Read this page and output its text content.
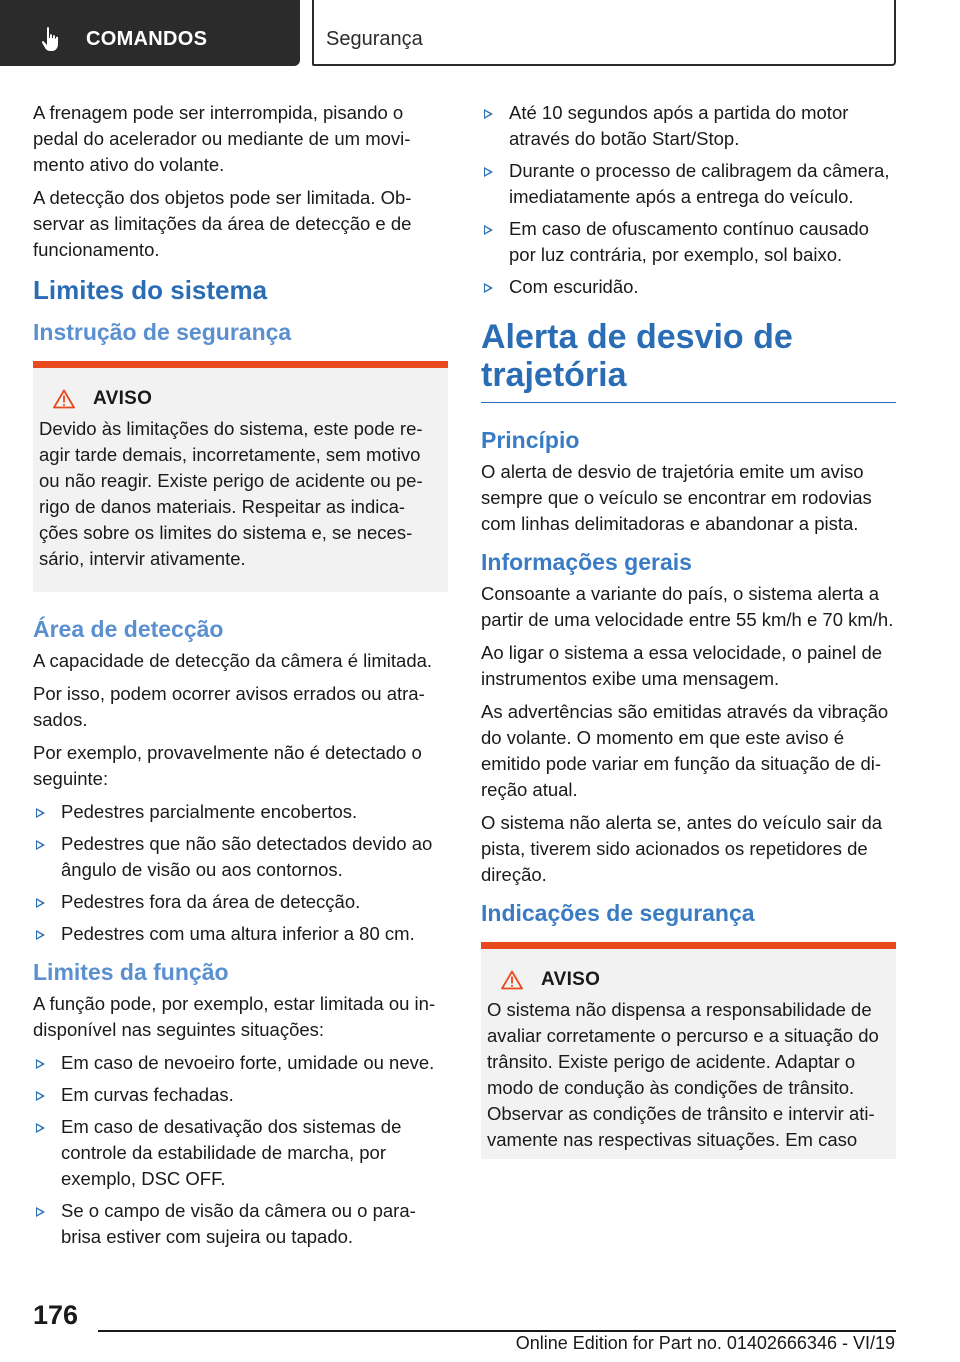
COMANDOS	Segurança

A frenagem pode ser interrompida, pisando o pedal do acelerador ou mediante de um movimento ativo do volante.

A detecção dos objetos pode ser limitada. Observar as limitações da área de detecção e de funcionamento.

Limites do sistema
Instrução de segurança
AVISO

Devido às limitações do sistema, este pode reagir tarde demais, incorretamente, sem motivo ou não reagir. Existe perigo de acidente ou perigo de danos materiais. Respeitar as indicações sobre os limites do sistema e, se necessário, intervir ativamente.

Área de detecção

A capacidade de detecção da câmera é limitada.

Por isso, podem ocorrer avisos errados ou atrasados.

Por exemplo, provavelmente não é detectado o seguinte:

Pedestres parcialmente encobertos.
Pedestres que não são detectados devido ao ângulo de visão ou aos contornos.
Pedestres fora da área de detecção.
Pedestres com uma altura inferior a 80 cm.
Limites da função

A função pode, por exemplo, estar limitada ou indisponível nas seguintes situações:

Em caso de nevoeiro forte, umidade ou neve.
Em curvas fechadas.
Em caso de desativação dos sistemas de controle da estabilidade de marcha, por exemplo, DSC OFF.
Se o campo de visão da câmera ou o para-brisa estiver com sujeira ou tapado.
Até 10 segundos após a partida do motor através do botão Start/Stop.
Durante o processo de calibragem da câmera, imediatamente após a entrega do veículo.
Em caso de ofuscamento contínuo causado por luz contrária, por exemplo, sol baixo.
Com escuridão.
Alerta de desvio de trajetória
Princípio

O alerta de desvio de trajetória emite um aviso sempre que o veículo se encontrar em rodovias com linhas delimitadoras e abandonar a pista.

Informações gerais

Consoante a variante do país, o sistema alerta a partir de uma velocidade entre 55 km/h e 70 km/h.

Ao ligar o sistema a essa velocidade, o painel de instrumentos exibe uma mensagem.

As advertências são emitidas através da vibração do volante. O momento em que este aviso é emitido pode variar em função da situação de direção atual.

O sistema não alerta se, antes do veículo sair da pista, tiverem sido acionados os repetidores de direção.

Indicações de segurança
AVISO

O sistema não dispensa a responsabilidade de avaliar corretamente o percurso e a situação do trânsito. Existe perigo de acidente. Adaptar o modo de condução às condições de trânsito. Observar as condições de trânsito e intervir ativamente nas respectivas situações. Em caso

176
Online Edition for Part no. 01402666346 - VI/19
